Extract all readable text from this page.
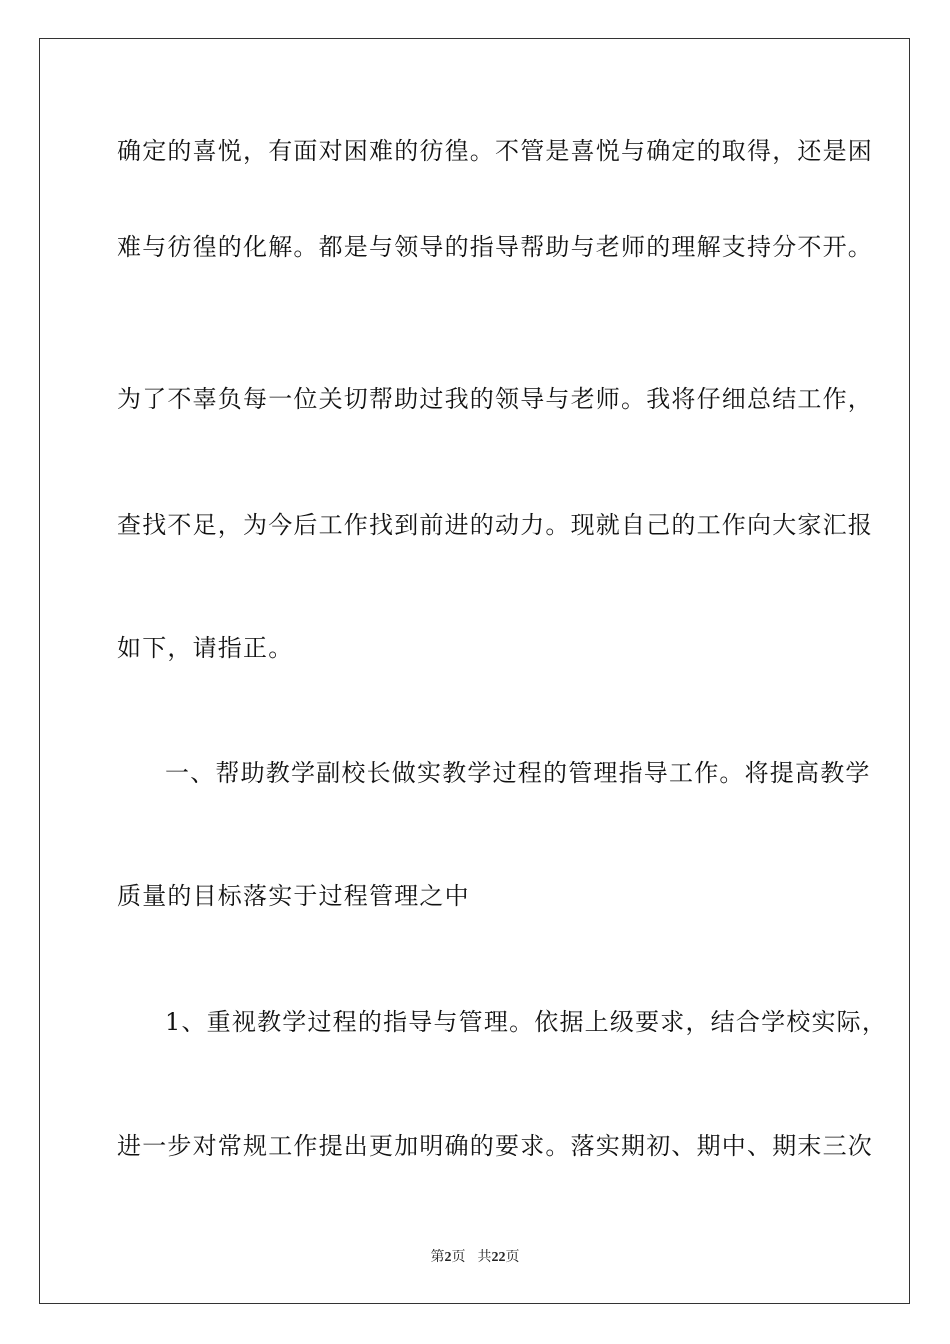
确定的喜悦，有面对困难的彷徨。不管是喜悦与确定的取得，还是困
难与彷徨的化解。都是与领导的指导帮助与老师的理解支持分不开。
为了不辜负每一位关切帮助过我的领导与老师。我将仔细总结工作，
查找不足，为今后工作找到前进的动力。现就自己的工作向大家汇报
如下，请指正。
一、帮助教学副校长做实教学过程的管理指导工作。将提高教学
质量的目标落实于过程管理之中
1、重视教学过程的指导与管理。依据上级要求，结合学校实际，
进一步对常规工作提出更加明确的要求。落实期初、期中、期末三次
第2页 共22页
